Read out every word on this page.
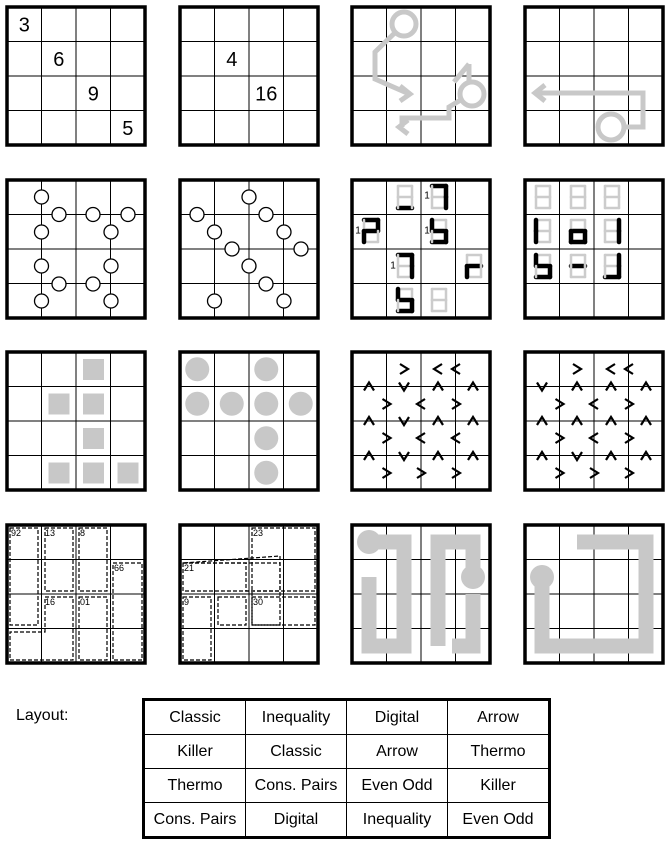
3
6
9
5
4
16
1
1	1
1
92	13	8
66
16	01
23
21
9	30
Layout:	Classic	Inequality	Digital	Arrow
Killer	Classic	Arrow	Thermo
Thermo	Cons. Pairs	Even Odd	Killer
Cons. Pairs	Digital	Inequality	Even Odd
